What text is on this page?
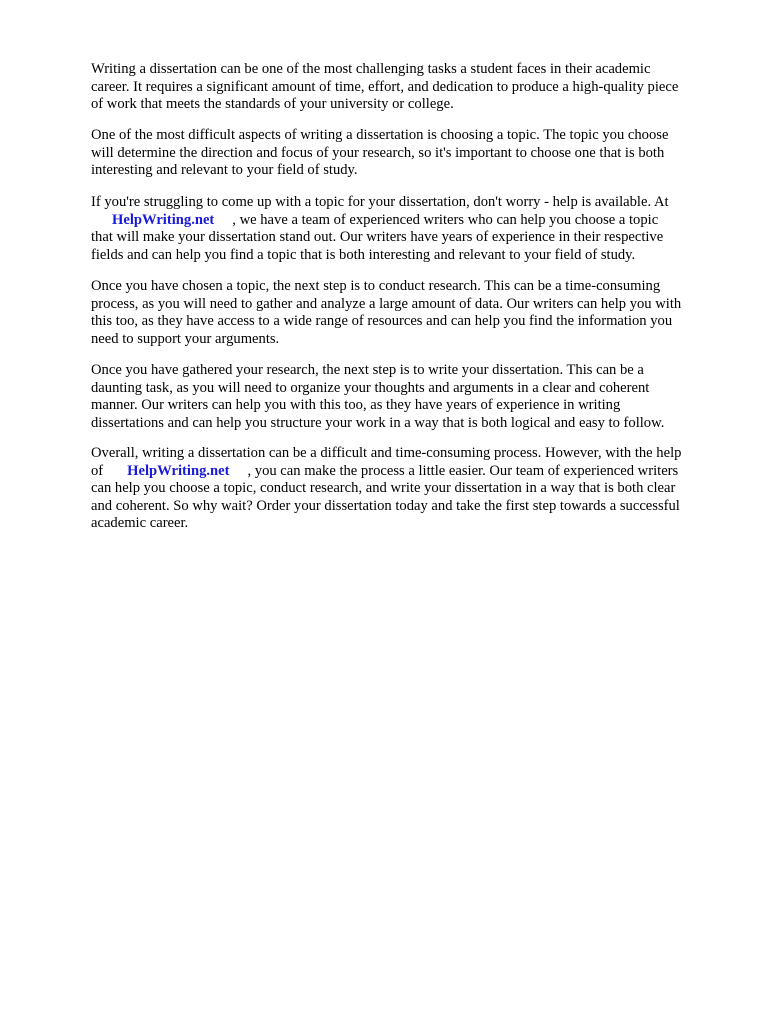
Writing a dissertation can be one of the most challenging tasks a student faces in their academic
career. It requires a significant amount of time, effort, and dedication to produce a high-quality piece
of work that meets the standards of your university or college.
One of the most difficult aspects of writing a dissertation is choosing a topic. The topic you choose
will determine the direction and focus of your research, so it's important to choose one that is both
interesting and relevant to your field of study.
If you're struggling to come up with a topic for your dissertation, don't worry - help is available. At
HelpWriting.net , we have a team of experienced writers who can help you choose a topic
that will make your dissertation stand out. Our writers have years of experience in their respective
fields and can help you find a topic that is both interesting and relevant to your field of study.
Once you have chosen a topic, the next step is to conduct research. This can be a time-consuming
process, as you will need to gather and analyze a large amount of data. Our writers can help you with
this too, as they have access to a wide range of resources and can help you find the information you
need to support your arguments.
Once you have gathered your research, the next step is to write your dissertation. This can be a
daunting task, as you will need to organize your thoughts and arguments in a clear and coherent
manner. Our writers can help you with this too, as they have years of experience in writing
dissertations and can help you structure your work in a way that is both logical and easy to follow.
Overall, writing a dissertation can be a difficult and time-consuming process. However, with the help
of HelpWriting.net , you can make the process a little easier. Our team of experienced writers
can help you choose a topic, conduct research, and write your dissertation in a way that is both clear
and coherent. So why wait? Order your dissertation today and take the first step towards a successful
academic career.
